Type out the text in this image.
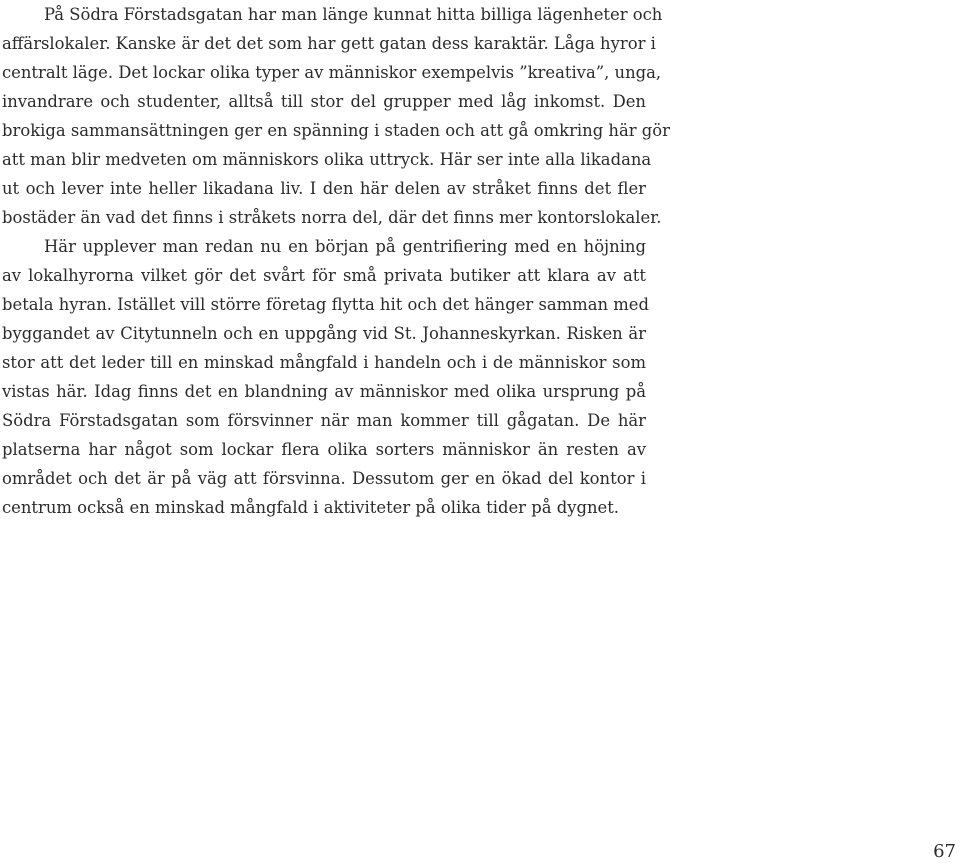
På Södra Förstadsgatan har man länge kunnat hitta billiga lägenheter och
affärslokaler. Kanske är det det som har gett gatan dess karaktär. Låga hyror i
centralt läge. Det lockar olika typer av människor exempelvis ”kreativa”, unga,
invandrare och studenter, alltså till stor del grupper med låg inkomst. Den
brokiga sammansättningen ger en spänning i staden och att gå omkring här gör
att man blir medveten om människors olika uttryck. Här ser inte alla likadana
ut och lever inte heller likadana liv. I den här delen av stråket finns det fler
bostäder än vad det finns i stråkets norra del, där det finns mer kontorslokaler.
Här upplever man redan nu en början på gentrifiering med en höjning
av lokalhyrorna vilket gör det svårt för små privata butiker att klara av att
betala hyran. Istället vill större företag flytta hit och det hänger samman med
byggandet av Citytunneln och en uppgång vid St. Johanneskyrkan. Risken är
stor att det leder till en minskad mångfald i handeln och i de människor som
vistas här. Idag finns det en blandning av människor med olika ursprung på
Södra Förstadsgatan som försvinner när man kommer till gågatan. De här
platserna har något som lockar flera olika sorters människor än resten av
området och det är på väg att försvinna. Dessutom ger en ökad del kontor i
centrum också en minskad mångfald i aktiviteter på olika tider på dygnet.
67
